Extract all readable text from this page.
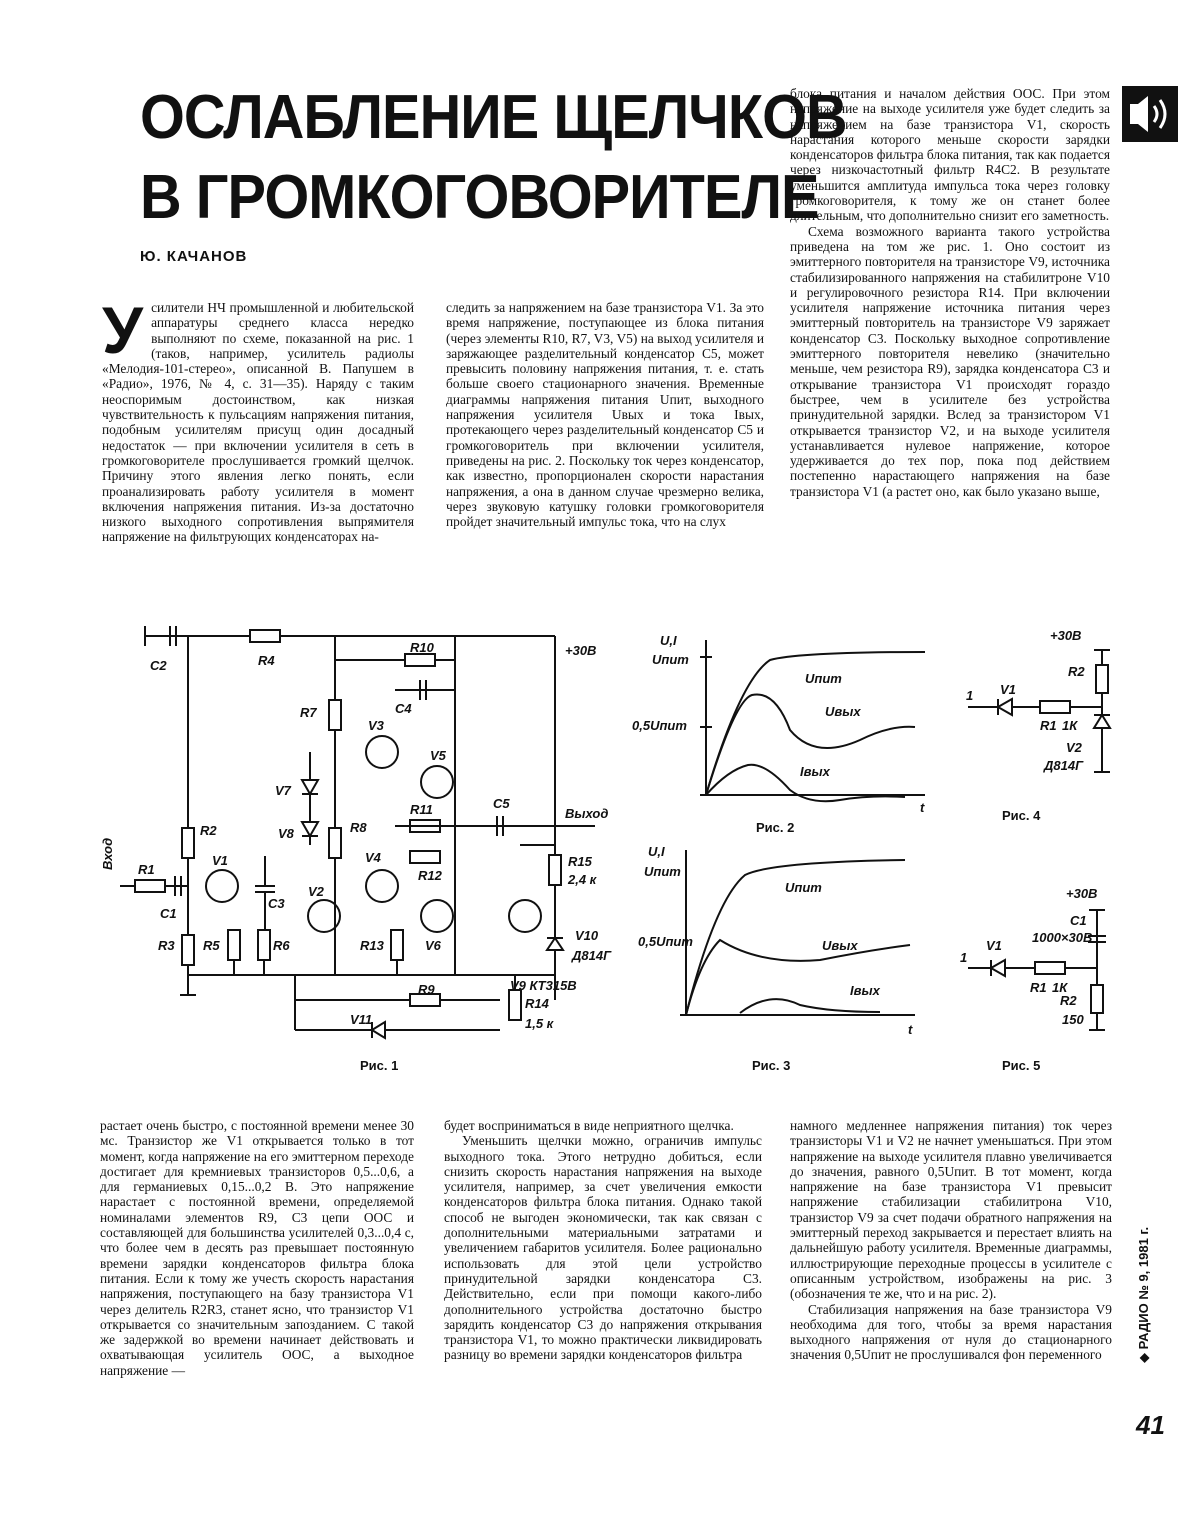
ОСЛАБЛЕНИЕ ЩЕЛЧКОВ
В ГРОМКОГОВОРИТЕЛЕ
Ю. КАЧАНОВ
У силители НЧ промышленной и любительской аппаратуры среднего класса нередко выполняют по схеме, показанной на рис. 1 (таков, например, усилитель радиолы «Мелодия-101-стерео», описанной В. Папушем в «Радио», 1976, № 4, с. 31—35). Наряду с таким неоспоримым достоинством, как низкая чувствительность к пульсациям напряжения питания, подобным усилителям присущ один досадный недостаток — при включении усилителя в сеть в громкоговорителе прослушивается громкий щелчок. Причину этого явления легко понять, если проанализировать работу усилителя в момент включения напряжения питания. Из-за достаточно низкого выходного сопротивления выпрямителя напряжение на фильтрующих конденсаторах на-

следить за напряжением на базе транзистора V1. За это время напряжение, поступающее из блока питания (через элементы R10, R7, V3, V5) на выход усилителя и заряжающее разделительный конденсатор C5, может превысить половину напряжения питания, т. е. стать больше своего стационарного значения. Временные диаграммы напряжения питания Uпит, выходного напряжения усилителя Uвых и тока Iвых, протекающего через разделительный конденсатор C5 и громкоговоритель при включении усилителя, приведены на рис. 2. Поскольку ток через конденсатор, как известно, пропорционален скорости нарастания напряжения, а она в данном случае чрезмерно велика, через звуковую катушку головки громкоговорителя пройдет значительный импульс тока, что на слух

блока питания и началом действия ООС. При этом напряжение на выходе усилителя уже будет следить за напряжением на базе транзистора V1, скорость нарастания которого меньше скорости зарядки конденсаторов фильтра блока питания, так как подается через низкочастотный фильтр R4C2. В результате уменьшится амплитуда импульса тока через головку громкоговорителя, к тому же он станет более длительным, что дополнительно снизит его заметность.

Схема возможного варианта такого устройства приведена на том же рис. 1. Оно состоит из эмиттерного повторителя на транзисторе V9, источника стабилизированного напряжения на стабилитроне V10 и регулировочного резистора R14. При включении усилителя напряжение источника питания через эмиттерный повторитель на транзисторе V9 заряжает конденсатор C3. Поскольку выходное сопротивление эмиттерного повторителя невелико (значительно меньше, чем резистора R9), зарядка конденсатора C3 и открывание транзистора V1 происходят гораздо быстрее, чем в усилителе без устройства принудительной зарядки. Вслед за транзистором V1 открывается транзистор V2, и на выходе усилителя устанавливается нулевое напряжение, которое удерживается до тех пор, пока под действием постепенно нарастающего напряжения на базе транзистора V1 (а растет оно, как было указано выше,

C2	R4
R10	+30В
C4
R7
V3
V5
V7
V8	R8
R11	C5
Выход
Вход
R2
R1
C1
V1
C3
V4
R12
R15
2,4 к
V2
R3 R5	R6	R13	V6
V10
Д814Г
V9 КТ315В
R9
R14
1,5 к
V11
Рис. 1
U,I
Uпит
0,5Uпит
t
Uпит
Uвых
Iвых
Рис. 2
U,I
Uпит
0,5Uпит
t
Uпит
Uвых
Iвых
Рис. 3
+30В
R2
1 V1
R1 1К
V2
Д814Г
Рис. 4
+30В
C1
1000×30В
1
V1
R1 1К
R2
150
Рис. 5

растает очень быстро, с постоянной времени менее 30 мс. Транзистор же V1 открывается только в тот момент, когда напряжение на его эмиттерном переходе достигает для кремниевых транзисторов 0,5...0,6, а для германиевых 0,15...0,2 В. Это напряжение нарастает с постоянной времени, определяемой номиналами элементов R9, C3 цепи ООС и составляющей для большинства усилителей 0,3...0,4 с, что более чем в десять раз превышает постоянную времени зарядки конденсаторов фильтра блока питания. Если к тому же учесть скорость нарастания напряжения, поступающего на базу транзистора V1 через делитель R2R3, станет ясно, что транзистор V1 открывается со значительным запозданием. С такой же задержкой во времени начинает действовать и охватывающая усилитель ООС, а выходное напряжение —

будет восприниматься в виде неприятного щелчка.

Уменьшить щелчки можно, ограничив импульс выходного тока. Этого нетрудно добиться, если снизить скорость нарастания напряжения на выходе усилителя, например, за счет увеличения емкости конденсаторов фильтра блока питания. Однако такой способ не выгоден экономически, так как связан с дополнительными материальными затратами и увеличением габаритов усилителя. Более рационально использовать для этой цели устройство принудительной зарядки конденсатора C3. Действительно, если при помощи какого-либо дополнительного устройства достаточно быстро зарядить конденсатор C3 до напряжения открывания транзистора V1, то можно практически ликвидировать разницу во времени зарядки конденсаторов фильтра

намного медленнее напряжения питания) ток через транзисторы V1 и V2 не начнет уменьшаться. При этом напряжение на выходе усилителя плавно увеличивается до значения, равного 0,5Uпит. В тот момент, когда напряжение на базе транзистора V1 превысит напряжение стабилизации стабилитрона V10, транзистор V9 за счет подачи обратного напряжения на эмиттерный переход закрывается и перестает влиять на дальнейшую работу усилителя. Временные диаграммы, иллюстрирующие переходные процессы в усилителе с описанным устройством, изображены на рис. 3 (обозначения те же, что и на рис. 2).

Стабилизация напряжения на базе транзистора V9 необходима для того, чтобы за время нарастания выходного напряжения от нуля до стационарного значения 0,5Uпит не прослушивался фон переменного	◆ РАДИО № 9, 1981 г.
41
